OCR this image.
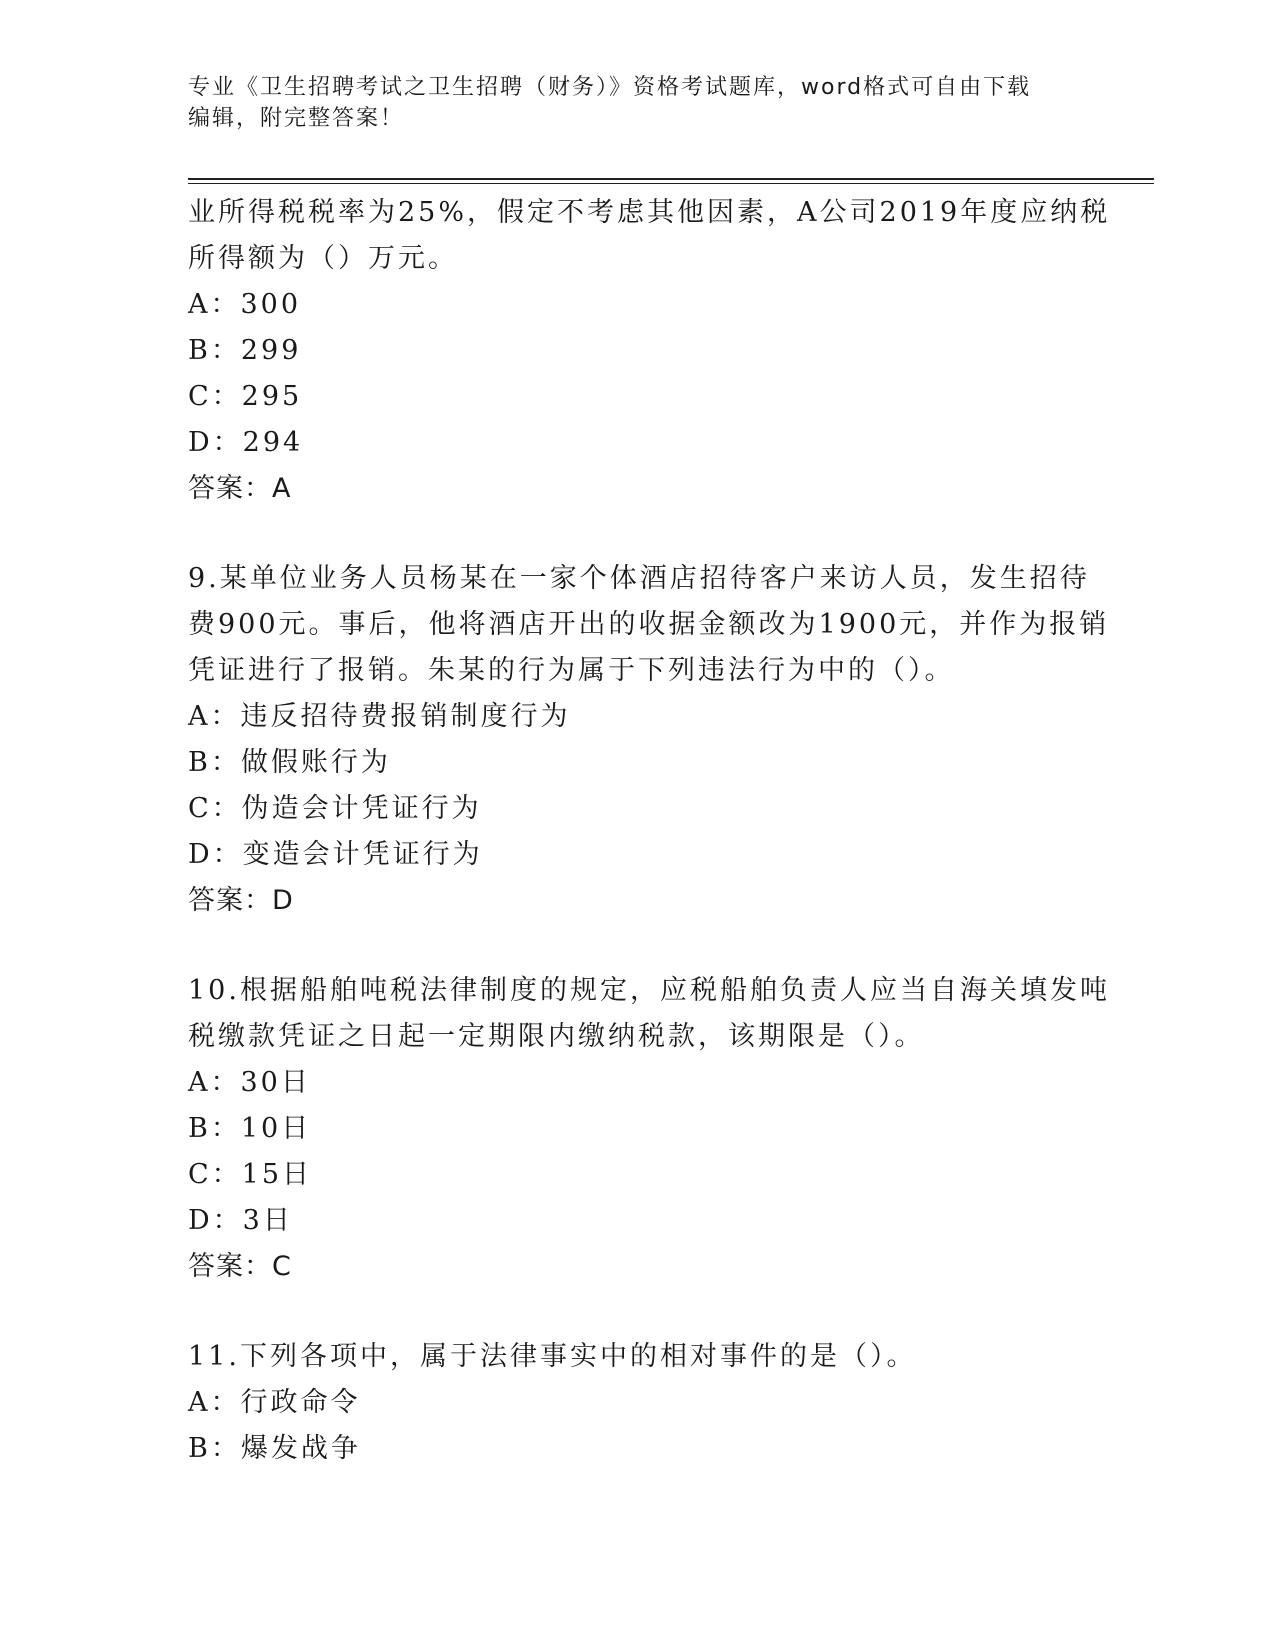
专业《卫生招聘考试之卫生招聘（财务）》资格考试题库，word格式可自由下载
编辑，附完整答案！
业所得税税率为25%，假定不考虑其他因素，A公司2019年度应纳税
所得额为（）万元。
A：300
B：299
C：295
D：294
答案：A
9.某单位业务人员杨某在一家个体酒店招待客户来访人员，发生招待
费900元。事后，他将酒店开出的收据金额改为1900元，并作为报销
凭证进行了报销。朱某的行为属于下列违法行为中的（）。
A：违反招待费报销制度行为
B：做假账行为
C：伪造会计凭证行为
D：变造会计凭证行为
答案：D
10.根据船舶吨税法律制度的规定，应税船舶负责人应当自海关填发吨
税缴款凭证之日起一定期限内缴纳税款，该期限是（）。
A：30日
B：10日
C：15日
D：3日
答案：C
11.下列各项中，属于法律事实中的相对事件的是（）。
A：行政命令
B：爆发战争
